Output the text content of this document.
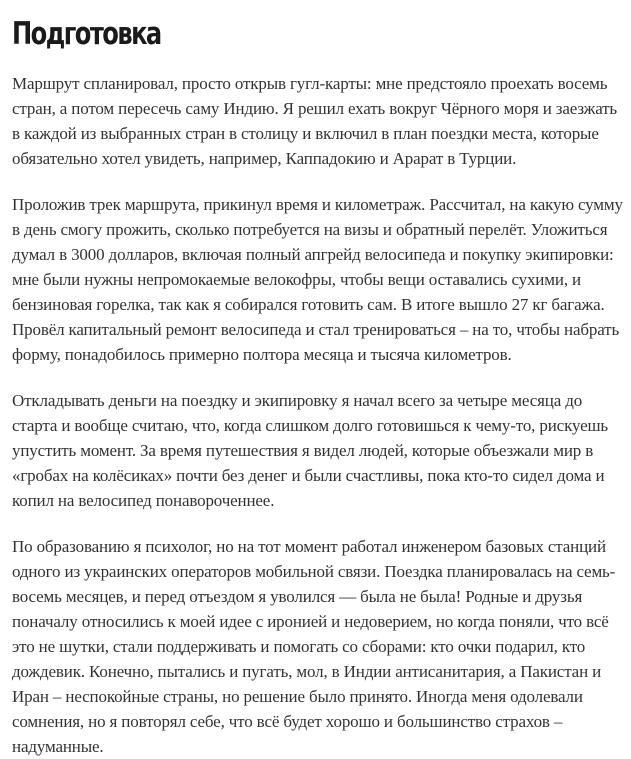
Подготовка

Маршрут спланировал, просто открыв гугл-карты: мне предстояло проехать восемь стран, а потом пересечь саму Индию. Я решил ехать вокруг Чёрного моря и заезжать в каждой из выбранных стран в столицу и включил в план поездки места, которые обязательно хотел увидеть, например, Каппадокию и Арарат в Турции.

Проложив трек маршрута, прикинул время и километраж. Рассчитал, на какую сумму в день смогу прожить, сколько потребуется на визы и обратный перелёт. Уложиться думал в 3000 долларов, включая полный апгрейд велосипеда и покупку экипировки: мне были нужны непромокаемые велокофры, чтобы вещи оставались сухими, и бензиновая горелка, так как я собирался готовить сам. В итоге вышло 27 кг багажа. Провёл капитальный ремонт велосипеда и стал тренироваться – на то, чтобы набрать форму, понадобилось примерно полтора месяца и тысяча километров.

Откладывать деньги на поездку и экипировку я начал всего за четыре месяца до старта и вообще считаю, что, когда слишком долго готовишься к чему-то, рискуешь упустить момент. За время путешествия я видел людей, которые объезжали мир в «гробах на колёсиках» почти без денег и были счастливы, пока кто-то сидел дома и копил на велосипед понавороченнее.

По образованию я психолог, но на тот момент работал инженером базовых станций одного из украинских операторов мобильной связи. Поездка планировалась на семь-восемь месяцев, и перед отъездом я уволился — была не была! Родные и друзья поначалу относились к моей идее с иронией и недоверием, но когда поняли, что всё это не шутки, стали поддерживать и помогать со сборами: кто очки подарил, кто дождевик. Конечно, пытались и пугать, мол, в Индии антисанитария, а Пакистан и Иран – неспокойные страны, но решение было принято. Иногда меня одолевали сомнения, но я повторял себе, что всё будет хорошо и большинство страхов – надуманные.
